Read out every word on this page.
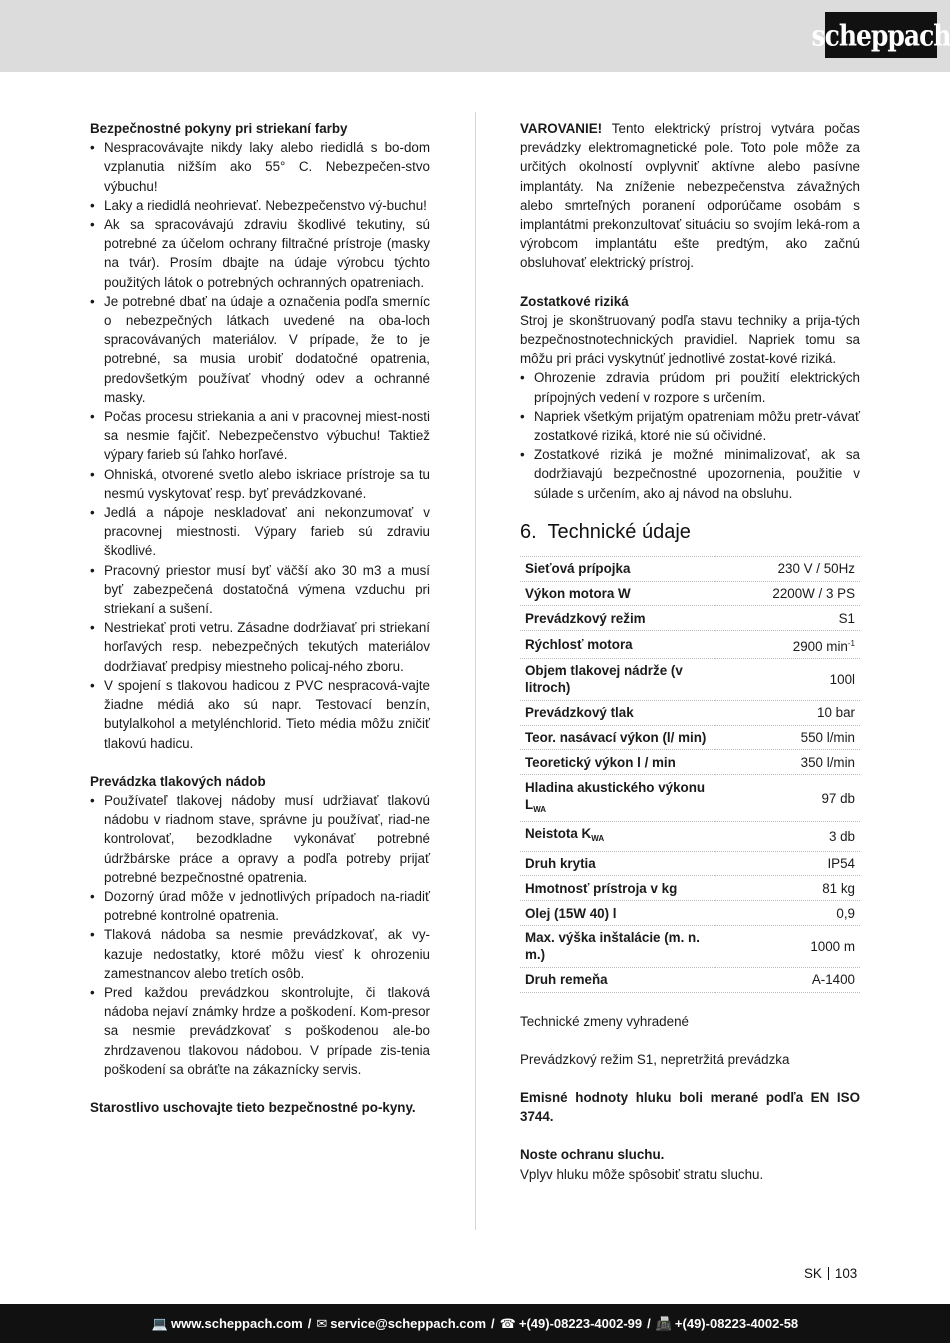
scheppach

Bezpečnostné pokyny pri striekaní farby

• Nespracovávajte nikdy laky alebo riedidlá s bo-dom vzplanutia nižším ako 55° C. Nebezpečen-stvo výbuchu!
• Laky a riedidlá neohrievať. Nebezpečenstvo vý-buchu!
• Ak sa spracovávajú zdraviu škodlivé tekutiny, sú potrebné za účelom ochrany filtračné prístroje (masky na tvár). Prosím dbajte na údaje výrobcu týchto použitých látok o potrebných ochranných opatreniach.
• Je potrebné dbať na údaje a označenia podľa smerníc o nebezpečných látkach uvedené na oba-loch spracovávaných materiálov. V prípade, že to je potrebné, sa musia urobiť dodatočné opatrenia, predovšetkým používať vhodný odev a ochranné masky.
• Počas procesu striekania a ani v pracovnej miest-nosti sa nesmie fajčiť. Nebezpečenstvo výbuchu! Taktiež výpary farieb sú ľahko horľavé.
• Ohniská, otvorené svetlo alebo iskriace prístroje sa tu nesmú vyskytovať resp. byť prevádzkované.
• Jedlá a nápoje neskladovať ani nekonzumovať v pracovnej miestnosti. Výpary farieb sú zdraviu škodlivé.
• Pracovný priestor musí byť väčší ako 30 m3 a musí byť zabezpečená dostatočná výmena vzduchu pri striekaní a sušení.
• Nestriekať proti vetru. Zásadne dodržiavať pri striekaní horľavých resp. nebezpečných tekutých materiálov dodržiavať predpisy miestneho policaj-ného zboru.
• V spojení s tlakovou hadicou z PVC nespracová-vajte žiadne médiá ako sú napr. Testovací benzín, butylalkohol a metylénchlorid. Tieto média môžu zničiť tlakovú hadicu.

Prevádzka tlakových nádob

• Používateľ tlakovej nádoby musí udržiavať tlakovú nádobu v riadnom stave, správne ju používať, riad-ne kontrolovať, bezodkladne vykonávať potrebné údržbárske práce a opravy a podľa potreby prijať potrebné bezpečnostné opatrenia.
• Dozorný úrad môže v jednotlivých prípadoch na-riadiť potrebné kontrolné opatrenia.
• Tlaková nádoba sa nesmie prevádzkovať, ak vy-kazuje nedostatky, ktoré môžu viesť k ohrozeniu zamestnancov alebo tretích osôb.
• Pred každou prevádzkou skontrolujte, či tlaková nádoba nejaví známky hrdze a poškodení. Kom-presor sa nesmie prevádzkovať s poškodenou ale-bo zhrdzavenou tlakovou nádobou. V prípade zis-tenia poškodení sa obráťte na zákaznícky servis.

Starostlivo uschovajte tieto bezpečnostné po-kyny.

VAROVANIE! Tento elektrický prístroj vytvára počas prevádzky elektromagnetické pole. Toto pole môže za určitých okolností ovplyvniť aktívne alebo pasívne implantáty. Na zníženie nebezpečenstva závažných alebo smrteľných poranení odporúčame osobám s implantátmi prekonzultovať situáciu so svojím leká-rom a výrobcom implantátu ešte predtým, ako začnú obsluhovať elektrický prístroj.

Zostatkové riziká

Stroj je skonštruovaný podľa stavu techniky a prija-tých bezpečnostnotechnických pravidiel. Napriek tomu sa môžu pri práci vyskytnúť jednotlivé zostat-kové riziká.

• Ohrozenie zdravia prúdom pri použití elektrických prípojných vedení v rozpore s určením.
• Napriek všetkým prijatým opatreniam môžu pretr-vávať zostatkové riziká, ktoré nie sú očividné.
• Zostatkové riziká je možné minimalizovať, ak sa dodržiavajú bezpečnostné upozornenia, použitie v súlade s určením, ako aj návod na obsluhu.
6. Technické údaje
Sieťová prípojka	230 V / 50Hz
Výkon motora W	2200W / 3 PS
Prevádzkový režim	S1
Rýchlosť motora	2900 $\min^{-1}$
Objem tlakovej nádrže (v litroch)	100l
Prevádzkový tlak	10 bar
Teor. nasávací výkon (l/ min)	550 l/min
Teoretický výkon l / min	350 l/min
Hladina akustického výkonu $L_{WA}$	97 db
Neistota $K_{WA}$	3 db
Druh krytia	IP54
Hmotnosť prístroja v kg	81 kg
Olej (15W 40) l	0,9
Max. výška inštalácie (m. n. m.)	1000 m
Druh remeňa	A-1400

Technické zmeny vyhradené

Prevádzkový režim S1, nepretržitá prevádzka

Emisné hodnoty hluku boli merané podľa EN ISO 3744.

Noste ochranu sluchu.

Vplyv hluku môže spôsobiť stratu sluchu.

SK 103
💻 www.scheppach.com / ✉ service@scheppach.com / ☎ +(49)-08223-4002-99 / 📠 +(49)-08223-4002-58
